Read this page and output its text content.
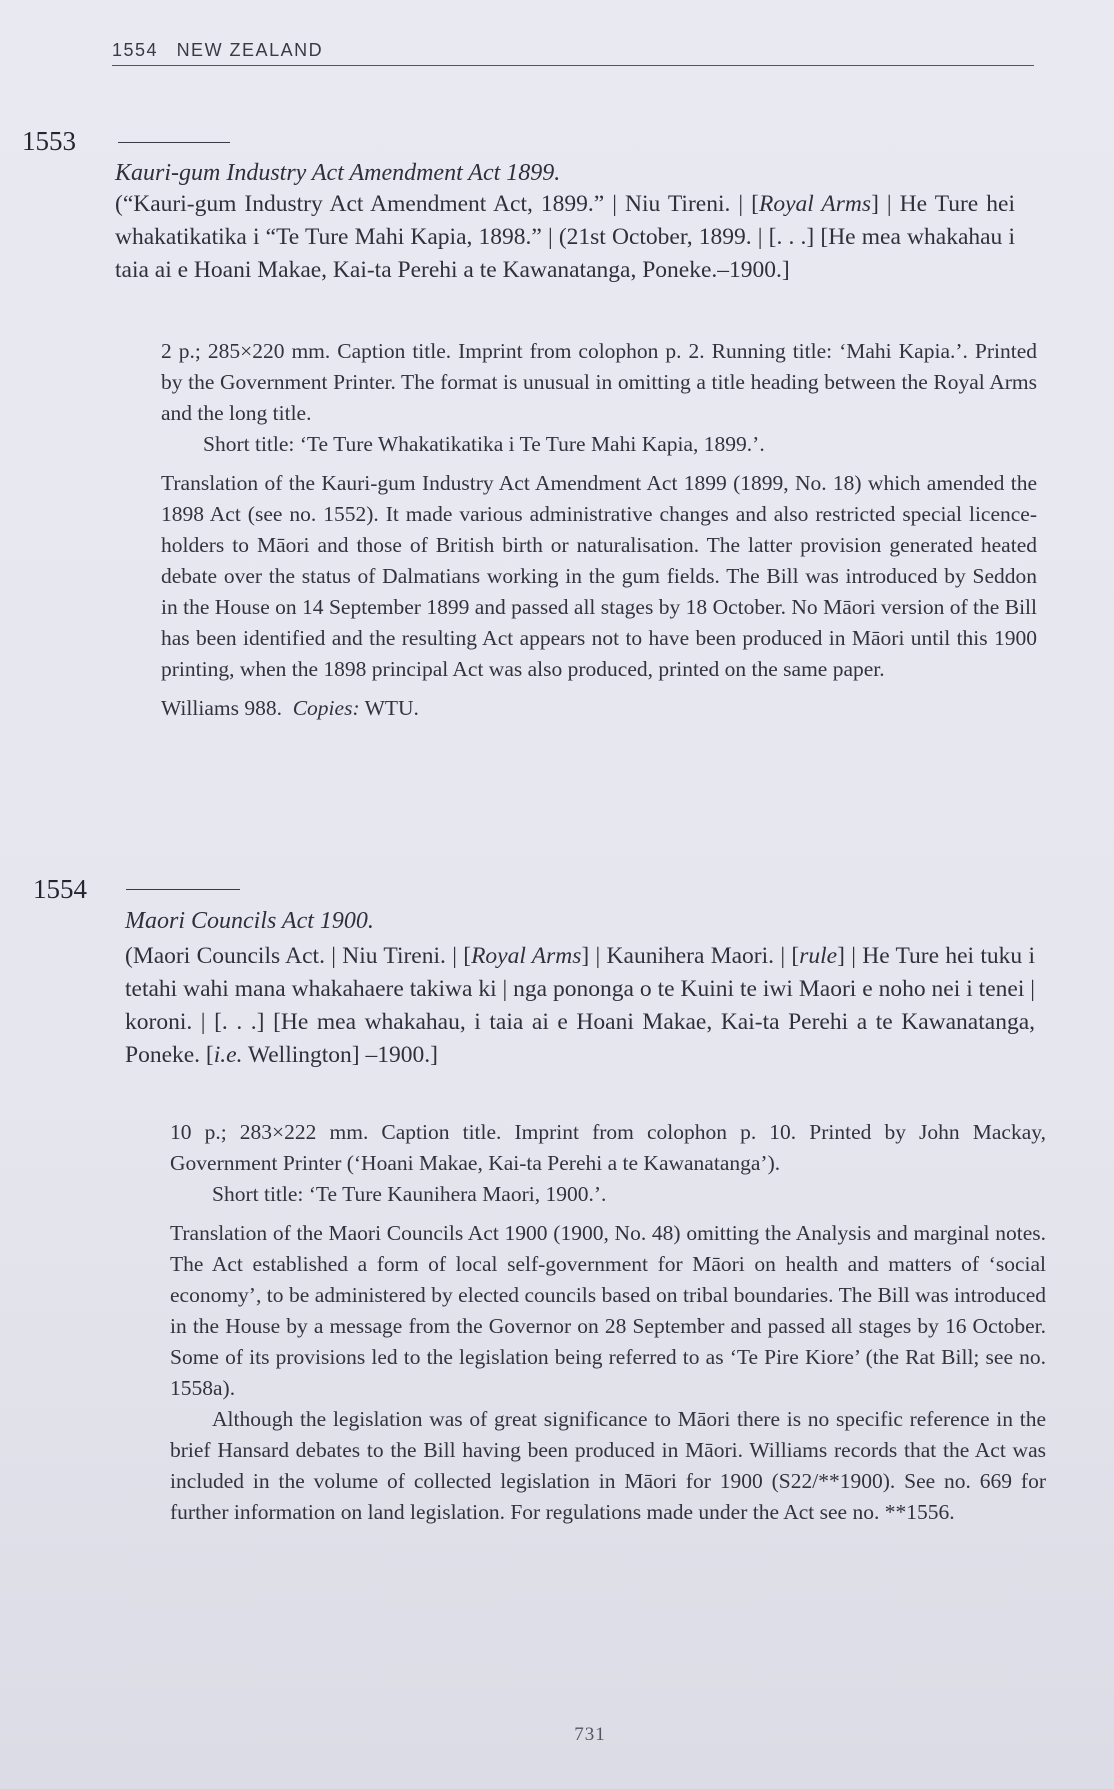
1554 NEW ZEALAND
1553
Kauri-gum Industry Act Amendment Act 1899.
(“Kauri-gum Industry Act Amendment Act, 1899.” | Niu Tireni. | [Royal Arms] | He Ture hei whakatikatika i “Te Ture Mahi Kapia, 1898.” | (21st October, 1899. | [. . .] [He mea whakahau i taia ai e Hoani Makae, Kai-ta Perehi a te Kawanatanga, Poneke.–1900.]

2 p.; 285×220 mm. Caption title. Imprint from colophon p. 2. Running title: ‘Mahi Kapia.’. Printed by the Government Printer. The format is unusual in omitting a title heading between the Royal Arms and the long title.

Short title: ‘Te Ture Whakatikatika i Te Ture Mahi Kapia, 1899.’.

Translation of the Kauri-gum Industry Act Amendment Act 1899 (1899, No. 18) which amended the 1898 Act (see no. 1552). It made various administrative changes and also restricted special licence-holders to Māori and those of British birth or naturalisation. The latter provision generated heated debate over the status of Dalmatians working in the gum fields. The Bill was introduced by Seddon in the House on 14 September 1899 and passed all stages by 18 October. No Māori version of the Bill has been identified and the resulting Act appears not to have been produced in Māori until this 1900 printing, when the 1898 principal Act was also produced, printed on the same paper.

Williams 988. Copies: WTU.

1554
Maori Councils Act 1900.
(Maori Councils Act. | Niu Tireni. | [Royal Arms] | Kaunihera Maori. | [rule] | He Ture hei tuku i tetahi wahi mana whakahaere takiwa ki | nga pononga o te Kuini te iwi Maori e noho nei i tenei | koroni. | [. . .] [He mea whakahau, i taia ai e Hoani Makae, Kai-ta Perehi a te Kawanatanga, Poneke. [i.e. Wellington] –1900.]

10 p.; 283×222 mm. Caption title. Imprint from colophon p. 10. Printed by John Mackay, Government Printer (‘Hoani Makae, Kai-ta Perehi a te Kawanatanga’).

Short title: ‘Te Ture Kaunihera Maori, 1900.’.

Translation of the Maori Councils Act 1900 (1900, No. 48) omitting the Analysis and marginal notes. The Act established a form of local self-government for Māori on health and matters of ‘social economy’, to be administered by elected councils based on tribal boundaries. The Bill was introduced in the House by a message from the Governor on 28 September and passed all stages by 16 October. Some of its provisions led to the legislation being referred to as ‘Te Pire Kiore’ (the Rat Bill; see no. 1558a).

Although the legislation was of great significance to Māori there is no specific reference in the brief Hansard debates to the Bill having been produced in Māori. Williams records that the Act was included in the volume of collected legislation in Māori for 1900 (S22/**1900). See no. 669 for further information on land legislation. For regulations made under the Act see no. **1556.

731
